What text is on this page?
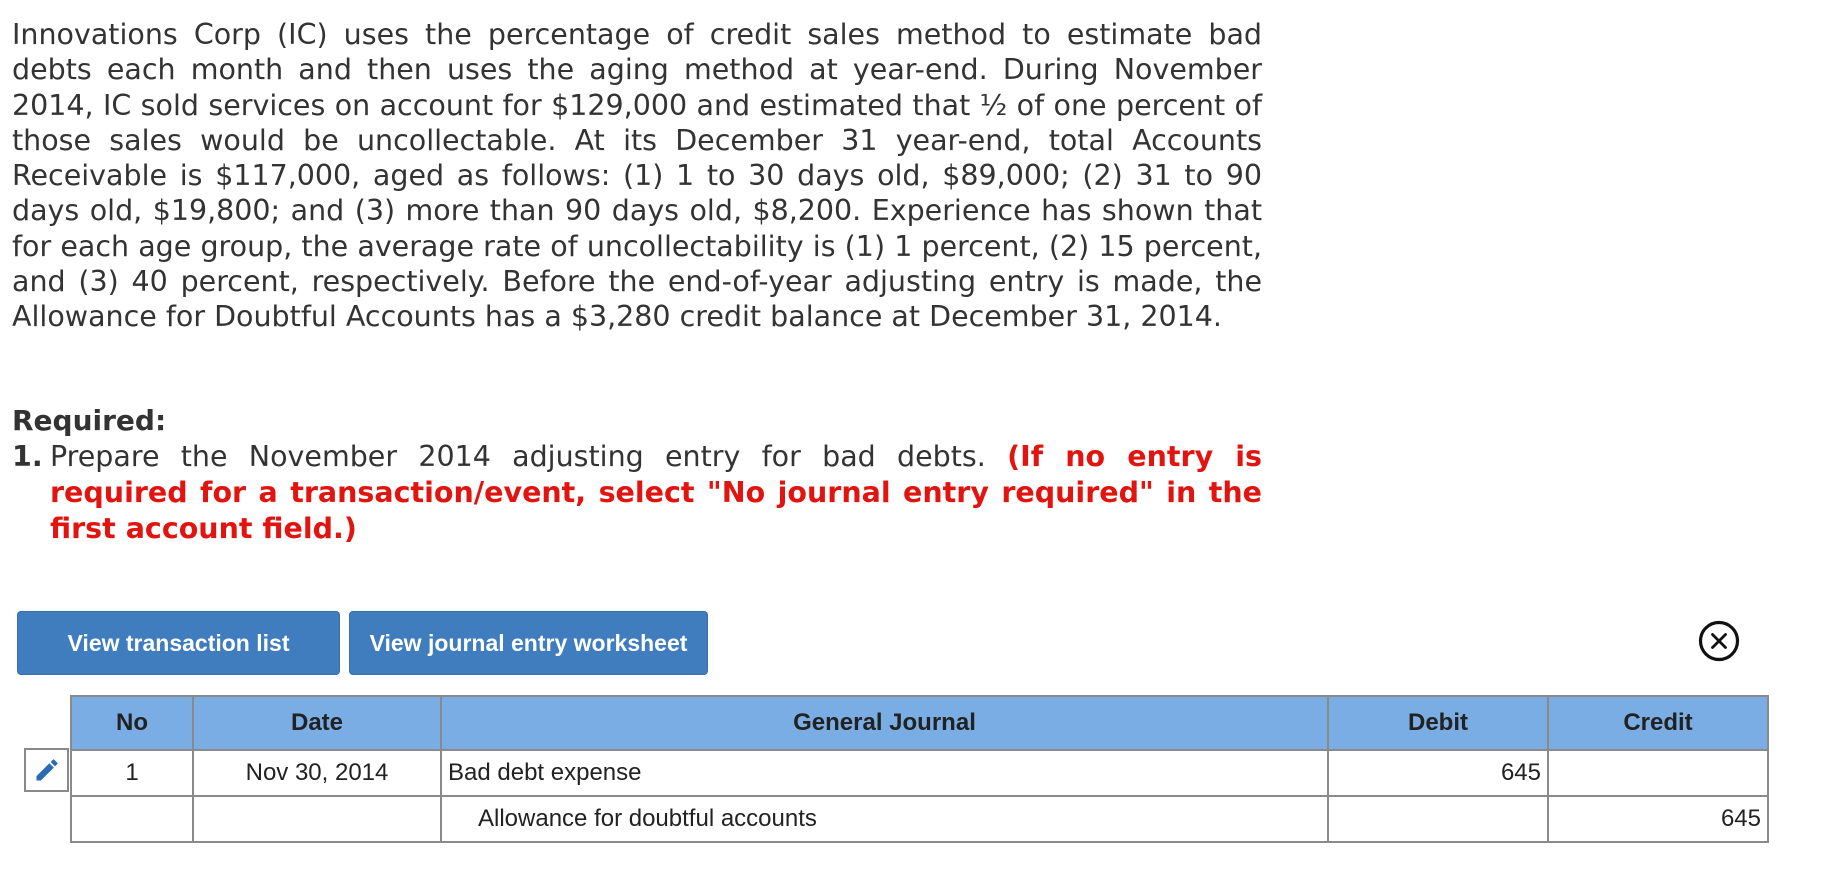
Innovations Corp (IC) uses the percentage of credit sales method to estimate bad debts each month and then uses the aging method at year-end. During November 2014, IC sold services on account for $129,000 and estimated that ½ of one percent of those sales would be uncollectable. At its December 31 year-end, total Accounts Receivable is $117,000, aged as follows: (1) 1 to 30 days old, $89,000; (2) 31 to 90 days old, $19,800; and (3) more than 90 days old, $8,200. Experience has shown that for each age group, the average rate of uncollectability is (1) 1 percent, (2) 15 percent, and (3) 40 percent, respectively. Before the end-of-year adjusting entry is made, the Allowance for Doubtful Accounts has a $3,280 credit balance at December 31, 2014.

Required:
1. Prepare the November 2014 adjusting entry for bad debts. (If no entry is required for a transaction/event, select "No journal entry required" in the first account field.)
View transaction list	View journal entry worksheet
No	Date	General Journal	Debit	Credit
1	Nov 30, 2014	Bad debt expense	645	
		Allowance for doubtful accounts		645
